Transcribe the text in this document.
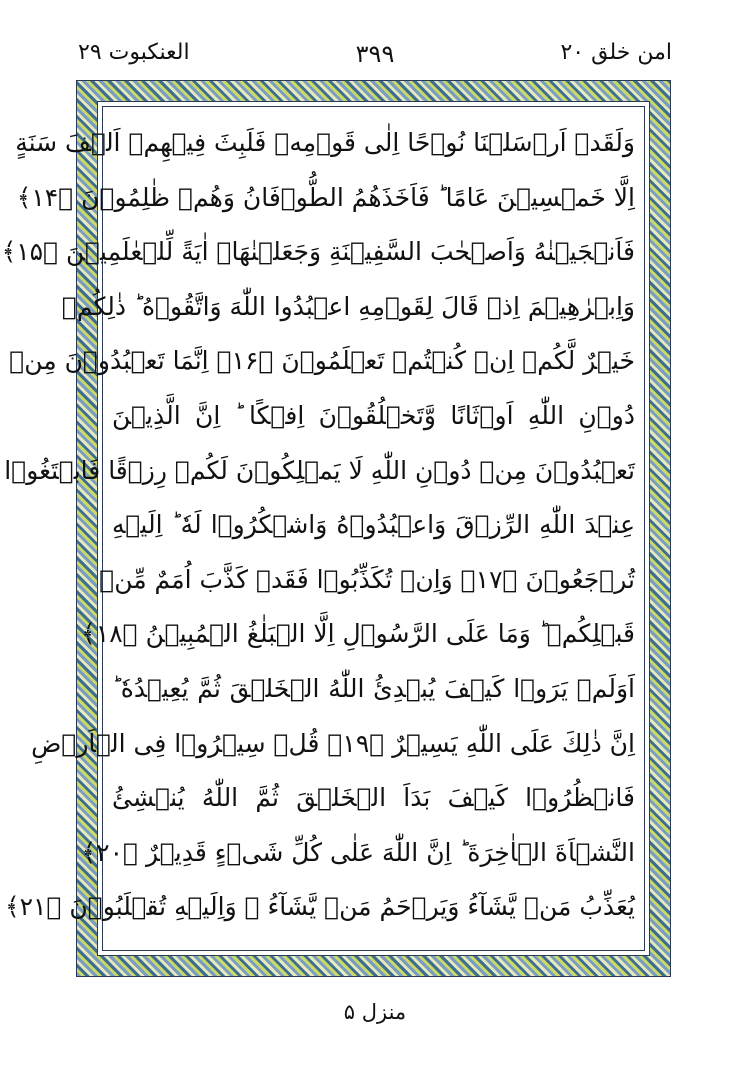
امن خلق ۲۰
۳۹۹
العنکبوت ۲۹
وَلَقَدۡ اَرۡسَلۡنَا نُوۡحًا اِلٰى قَوۡمِهٖ فَلَبِثَ فِيۡهِمۡ اَلۡفَ سَنَةٍ
اِلَّا خَمۡسِيۡنَ عَامًا ؕ فَاَخَذَهُمُ الطُّوۡفَانُ وَهُمۡ ظٰلِمُوۡنَ ﴿۱۴﴾
فَاَنۡجَيۡنٰهُ وَاَصۡحٰبَ السَّفِيۡنَةِ وَجَعَلۡنٰهَاۤ اٰيَةً لِّلۡعٰلَمِيۡنَ ﴿۱۵﴾
وَاِبۡرٰهِيۡمَ اِذۡ قَالَ لِقَوۡمِهِ اعۡبُدُوا اللّٰهَ وَاتَّقُوۡهُ ؕ ذٰلِكُمۡ
خَيۡرٌ لَّكُمۡ اِنۡ كُنۡتُمۡ تَعۡلَمُوۡنَ ﴿۱۶﴾ اِنَّمَا تَعۡبُدُوۡنَ مِنۡ
دُوۡنِ اللّٰهِ اَوۡثَانًا وَّتَخۡلُقُوۡنَ اِفۡكًا ؕ اِنَّ الَّذِيۡنَ
تَعۡبُدُوۡنَ مِنۡ دُوۡنِ اللّٰهِ لَا يَمۡلِكُوۡنَ لَكُمۡ رِزۡقًا فَابۡتَغُوۡا
عِنۡدَ اللّٰهِ الرِّزۡقَ وَاعۡبُدُوۡهُ وَاشۡكُرُوۡا لَهٗ ؕ اِلَيۡهِ
تُرۡجَعُوۡنَ ﴿۱۷﴾ وَاِنۡ تُكَذِّبُوۡا فَقَدۡ كَذَّبَ اُمَمٌ مِّنۡ
قَبۡلِكُمۡ ؕ وَمَا عَلَى الرَّسُوۡلِ اِلَّا الۡبَلٰغُ الۡمُبِيۡنُ ﴿۱۸﴾
اَوَلَمۡ يَرَوۡا كَيۡفَ يُبۡدِئُ اللّٰهُ الۡخَلۡقَ ثُمَّ يُعِيۡدُهٗ ؕ
اِنَّ ذٰلِكَ عَلَى اللّٰهِ يَسِيۡرٌ ﴿۱۹﴾ قُلۡ سِيۡرُوۡا فِى الۡاَرۡضِ
فَانۡظُرُوۡا كَيۡفَ بَدَاَ الۡخَلۡقَ ثُمَّ اللّٰهُ يُنۡشِئُ
النَّشۡاَةَ الۡاٰخِرَةَ ؕ اِنَّ اللّٰهَ عَلٰى كُلِّ شَىۡءٍ قَدِيۡرٌ ﴿۲۰﴾
يُعَذِّبُ مَنۡ يَّشَآءُ وَيَرۡحَمُ مَنۡ يَّشَآءُ ۚ وَاِلَيۡهِ تُقۡلَبُوۡنَ ﴿۲۱﴾
منزل ۵
